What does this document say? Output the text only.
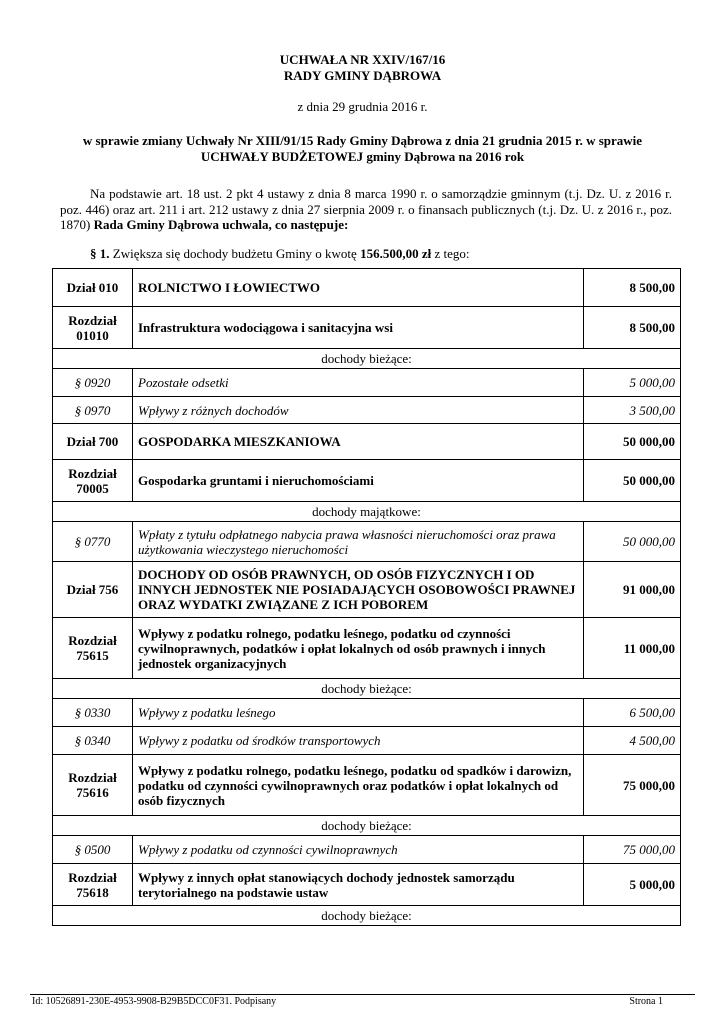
UCHWAŁA NR XXIV/167/16
RADY GMINY DĄBROWA
z dnia 29 grudnia 2016 r.
w sprawie zmiany Uchwały Nr XIII/91/15 Rady Gminy Dąbrowa z dnia 21 grudnia 2015 r. w sprawie
UCHWAŁY BUDŻETOWEJ gminy Dąbrowa na 2016 rok
Na podstawie art. 18 ust. 2 pkt 4 ustawy z dnia 8 marca 1990 r. o samorządzie gminnym (t.j. Dz. U. z 2016 r. poz. 446) oraz art. 211 i art. 212 ustawy z dnia 27 sierpnia 2009 r. o finansach publicznych (t.j. Dz. U. z 2016 r., poz. 1870) Rada Gminy Dąbrowa uchwala, co następuje:
§ 1. Zwiększa się dochody budżetu Gminy o kwotę 156.500,00 zł z tego:
Dział 010	ROLNICTWO I ŁOWIECTWO	8 500,00
Rozdział 01010	Infrastruktura wodociągowa i sanitacyjna wsi	8 500,00
dochody bieżące:		
§ 0920	Pozostałe odsetki	5 000,00
§ 0970	Wpływy z różnych dochodów	3 500,00
Dział 700	GOSPODARKA MIESZKANIOWA	50 000,00
Rozdział 70005	Gospodarka gruntami i nieruchomościami	50 000,00
dochody majątkowe:		
§ 0770	Wpłaty z tytułu odpłatnego nabycia prawa własności nieruchomości oraz prawa użytkowania wieczystego nieruchomości	50 000,00
Dział 756	DOCHODY OD OSÓB PRAWNYCH, OD OSÓB FIZYCZNYCH I OD INNYCH JEDNOSTEK NIE POSIADAJĄCYCH OSOBOWOŚCI PRAWNEJ ORAZ WYDATKI ZWIĄZANE Z ICH POBOREM	91 000,00
Rozdział 75615	Wpływy z podatku rolnego, podatku leśnego, podatku od czynności cywilnoprawnych, podatków i opłat lokalnych od osób prawnych i innych jednostek organizacyjnych	11 000,00
dochody bieżące:		
§ 0330	Wpływy z podatku leśnego	6 500,00
§ 0340	Wpływy z podatku od środków transportowych	4 500,00
Rozdział 75616	Wpływy z podatku rolnego, podatku leśnego, podatku od spadków i darowizn, podatku od czynności cywilnoprawnych oraz podatków i opłat lokalnych od osób fizycznych	75 000,00
dochody bieżące:		
§ 0500	Wpływy z podatku od czynności cywilnoprawnych	75 000,00
Rozdział 75618	Wpływy z innych opłat stanowiących dochody jednostek samorządu terytorialnego na podstawie ustaw	5 000,00
dochody bieżące:		
Id: 10526891-230E-4953-9908-B29B5DCC0F31. Podpisany	Strona 1
